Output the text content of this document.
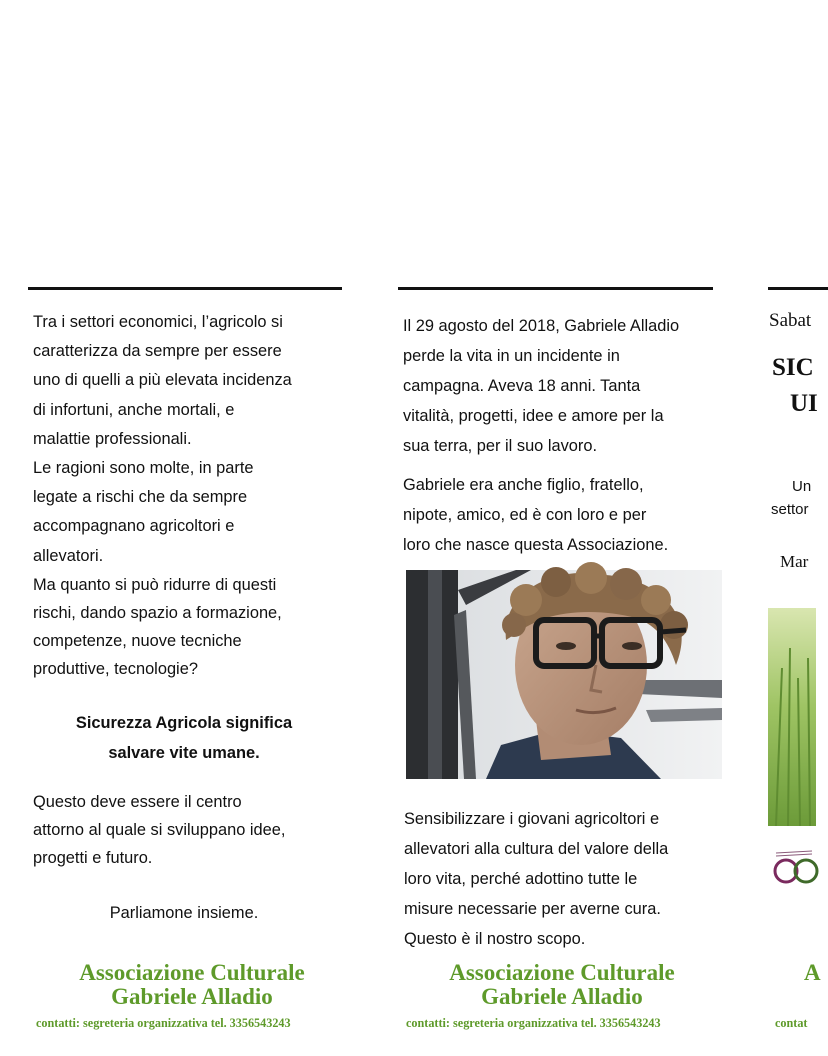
Tra i settori economici, l’agricolo si

caratterizza da sempre per essere

uno di quelli a più elevata incidenza

di infortuni, anche mortali, e

malattie professionali.

Le ragioni sono molte, in parte

legate a rischi che da sempre

accompagnano agricoltori e

allevatori.

Ma quanto si può ridurre di questi

rischi, dando spazio a formazione,

competenze, nuove tecniche

produttive, tecnologie?

Sicurezza Agricola significa

salvare vite umane.

Questo deve essere il centro

attorno al quale si sviluppano idee,

progetti e futuro.

Parliamone insieme.

Associazione Culturale
Gabriele Alladio
contatti: segreteria organizzativa tel. 3356543243

Il 29 agosto del 2018, Gabriele Alladio

perde la vita in un incidente in

campagna. Aveva 18 anni. Tanta

vitalità, progetti, idee e amore per la

sua terra, per il suo lavoro.

Gabriele era anche figlio, fratello,

nipote, amico, ed è con loro e per

loro che nasce questa Associazione.

Sensibilizzare i giovani agricoltori e

allevatori alla cultura del valore della

loro vita, perché adottino tutte le

misure necessarie per averne cura.

Questo è il nostro scopo.

Associazione Culturale
Gabriele Alladio
contatti: segreteria organizzativa tel. 3356543243
Sabat
SIC
UI
Un
settor
Mar
A
contat
